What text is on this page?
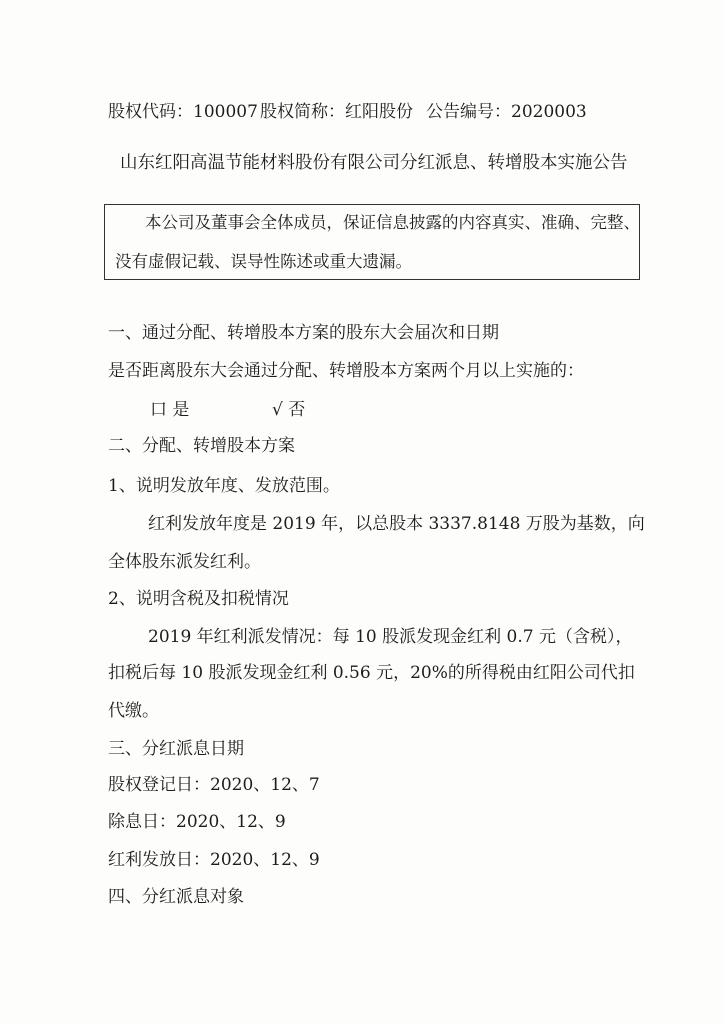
股权代码：100007 股权简称：红阳股份 公告编号：2020003
山东红阳高温节能材料股份有限公司分红派息、转增股本实施公告
本公司及董事会全体成员，保证信息披露的内容真实、准确、完整、
没有虚假记载、误导性陈述或重大遗漏。
一、通过分配、转增股本方案的股东大会届次和日期
是否距离股东大会通过分配、转增股本方案两个月以上实施的：
口 是	√ 否
二、分配、转增股本方案
1、说明发放年度、发放范围。
红利发放年度是 2019 年，以总股本 3337.8148 万股为基数，向
全体股东派发红利。
2、说明含税及扣税情况
2019 年红利派发情况：每 10 股派发现金红利 0.7 元（含税），
扣税后每 10 股派发现金红利 0.56 元，20%的所得税由红阳公司代扣
代缴。
三、分红派息日期
股权登记日：2020、12、7
除息日：2020、12、9
红利发放日：2020、12、9
四、分红派息对象
